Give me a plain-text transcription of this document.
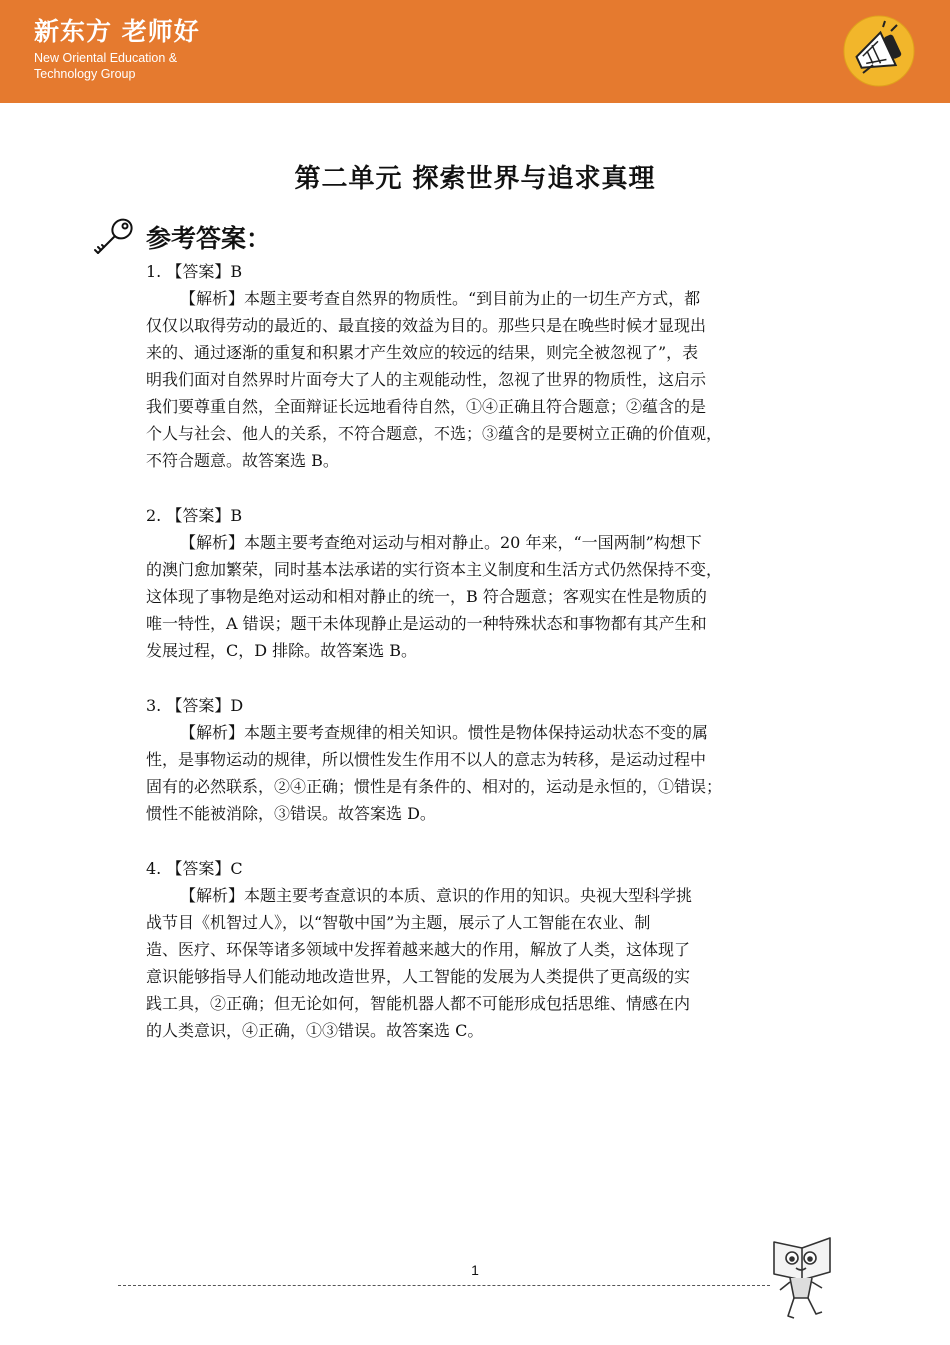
新东方 老师好
New Oriental Education &
Technology Group
第二单元 探索世界与追求真理
参考答案：
1. 【答案】B
【解析】本题主要考查自然界的物质性。“到目前为止的一切生产方式，都
仅仅以取得劳动的最近的、最直接的效益为目的。那些只是在晚些时候才显现出
来的、通过逐渐的重复和积累才产生效应的较远的结果，则完全被忽视了”，表
明我们面对自然界时片面夸大了人的主观能动性，忽视了世界的物质性，这启示
我们要尊重自然，全面辩证长远地看待自然，①④正确且符合题意；②蕴含的是
个人与社会、他人的关系，不符合题意，不选；③蕴含的是要树立正确的价值观，
不符合题意。故答案选 B。
2. 【答案】B
【解析】本题主要考查绝对运动与相对静止。20 年来，“一国两制”构想下
的澳门愈加繁荣，同时基本法承诺的实行资本主义制度和生活方式仍然保持不变，
这体现了事物是绝对运动和相对静止的统一，B 符合题意；客观实在性是物质的
唯一特性，A 错误；题干未体现静止是运动的一种特殊状态和事物都有其产生和
发展过程，C，D 排除。故答案选 B。
3. 【答案】D
【解析】本题主要考查规律的相关知识。惯性是物体保持运动状态不变的属
性，是事物运动的规律，所以惯性发生作用不以人的意志为转移，是运动过程中
固有的必然联系，②④正确；惯性是有条件的、相对的，运动是永恒的，①错误；
惯性不能被消除，③错误。故答案选 D。
4. 【答案】C
【解析】本题主要考查意识的本质、意识的作用的知识。央视大型科学挑
战节目《机智过人》，以“智敬中国”为主题，展示了人工智能在农业、制
造、医疗、环保等诸多领域中发挥着越来越大的作用，解放了人类，这体现了
意识能够指导人们能动地改造世界，人工智能的发展为人类提供了更高级的实
践工具，②正确；但无论如何，智能机器人都不可能形成包括思维、情感在内
的人类意识，④正确，①③错误。故答案选 C。
1
